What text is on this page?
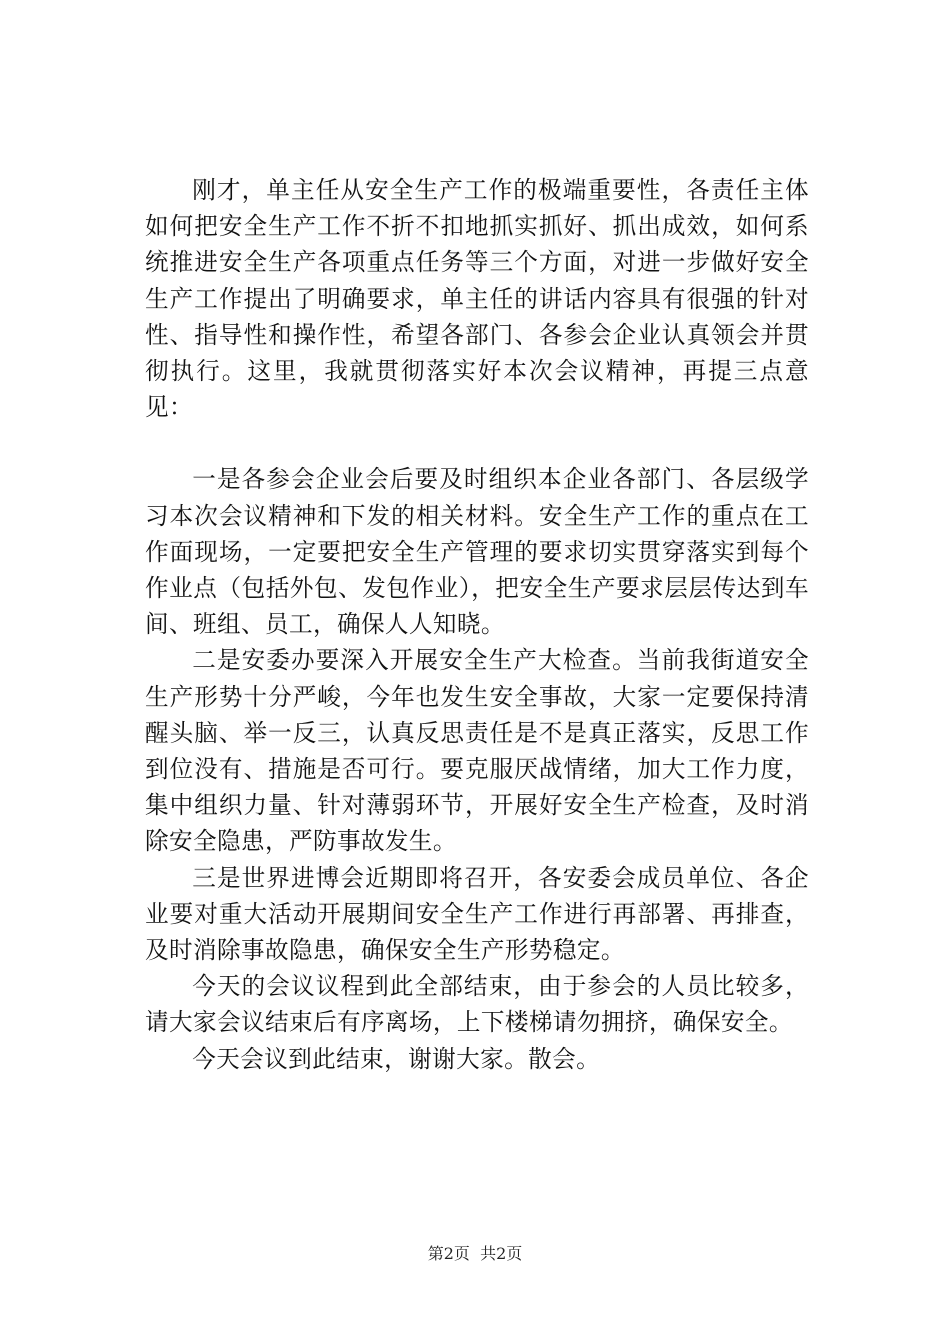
刚才，单主任从安全生产工作的极端重要性，各责任主体如何把安全生产工作不折不扣地抓实抓好、抓出成效，如何系统推进安全生产各项重点任务等三个方面，对进一步做好安全生产工作提出了明确要求，单主任的讲话内容具有很强的针对性、指导性和操作性，希望各部门、各参会企业认真领会并贯彻执行。这里，我就贯彻落实好本次会议精神，再提三点意见：

一是各参会企业会后要及时组织本企业各部门、各层级学习本次会议精神和下发的相关材料。安全生产工作的重点在工作面现场，一定要把安全生产管理的要求切实贯穿落实到每个作业点（包括外包、发包作业），把安全生产要求层层传达到车间、班组、员工，确保人人知晓。

二是安委办要深入开展安全生产大检查。当前我街道安全生产形势十分严峻，今年也发生安全事故，大家一定要保持清醒头脑、举一反三，认真反思责任是不是真正落实，反思工作到位没有、措施是否可行。要克服厌战情绪，加大工作力度，集中组织力量、针对薄弱环节，开展好安全生产检查，及时消除安全隐患，严防事故发生。

三是世界进博会近期即将召开，各安委会成员单位、各企业要对重大活动开展期间安全生产工作进行再部署、再排查，及时消除事故隐患，确保安全生产形势稳定。

今天的会议议程到此全部结束，由于参会的人员比较多，请大家会议结束后有序离场，上下楼梯请勿拥挤，确保安全。

今天会议到此结束，谢谢大家。散会。

第2页  共2页
